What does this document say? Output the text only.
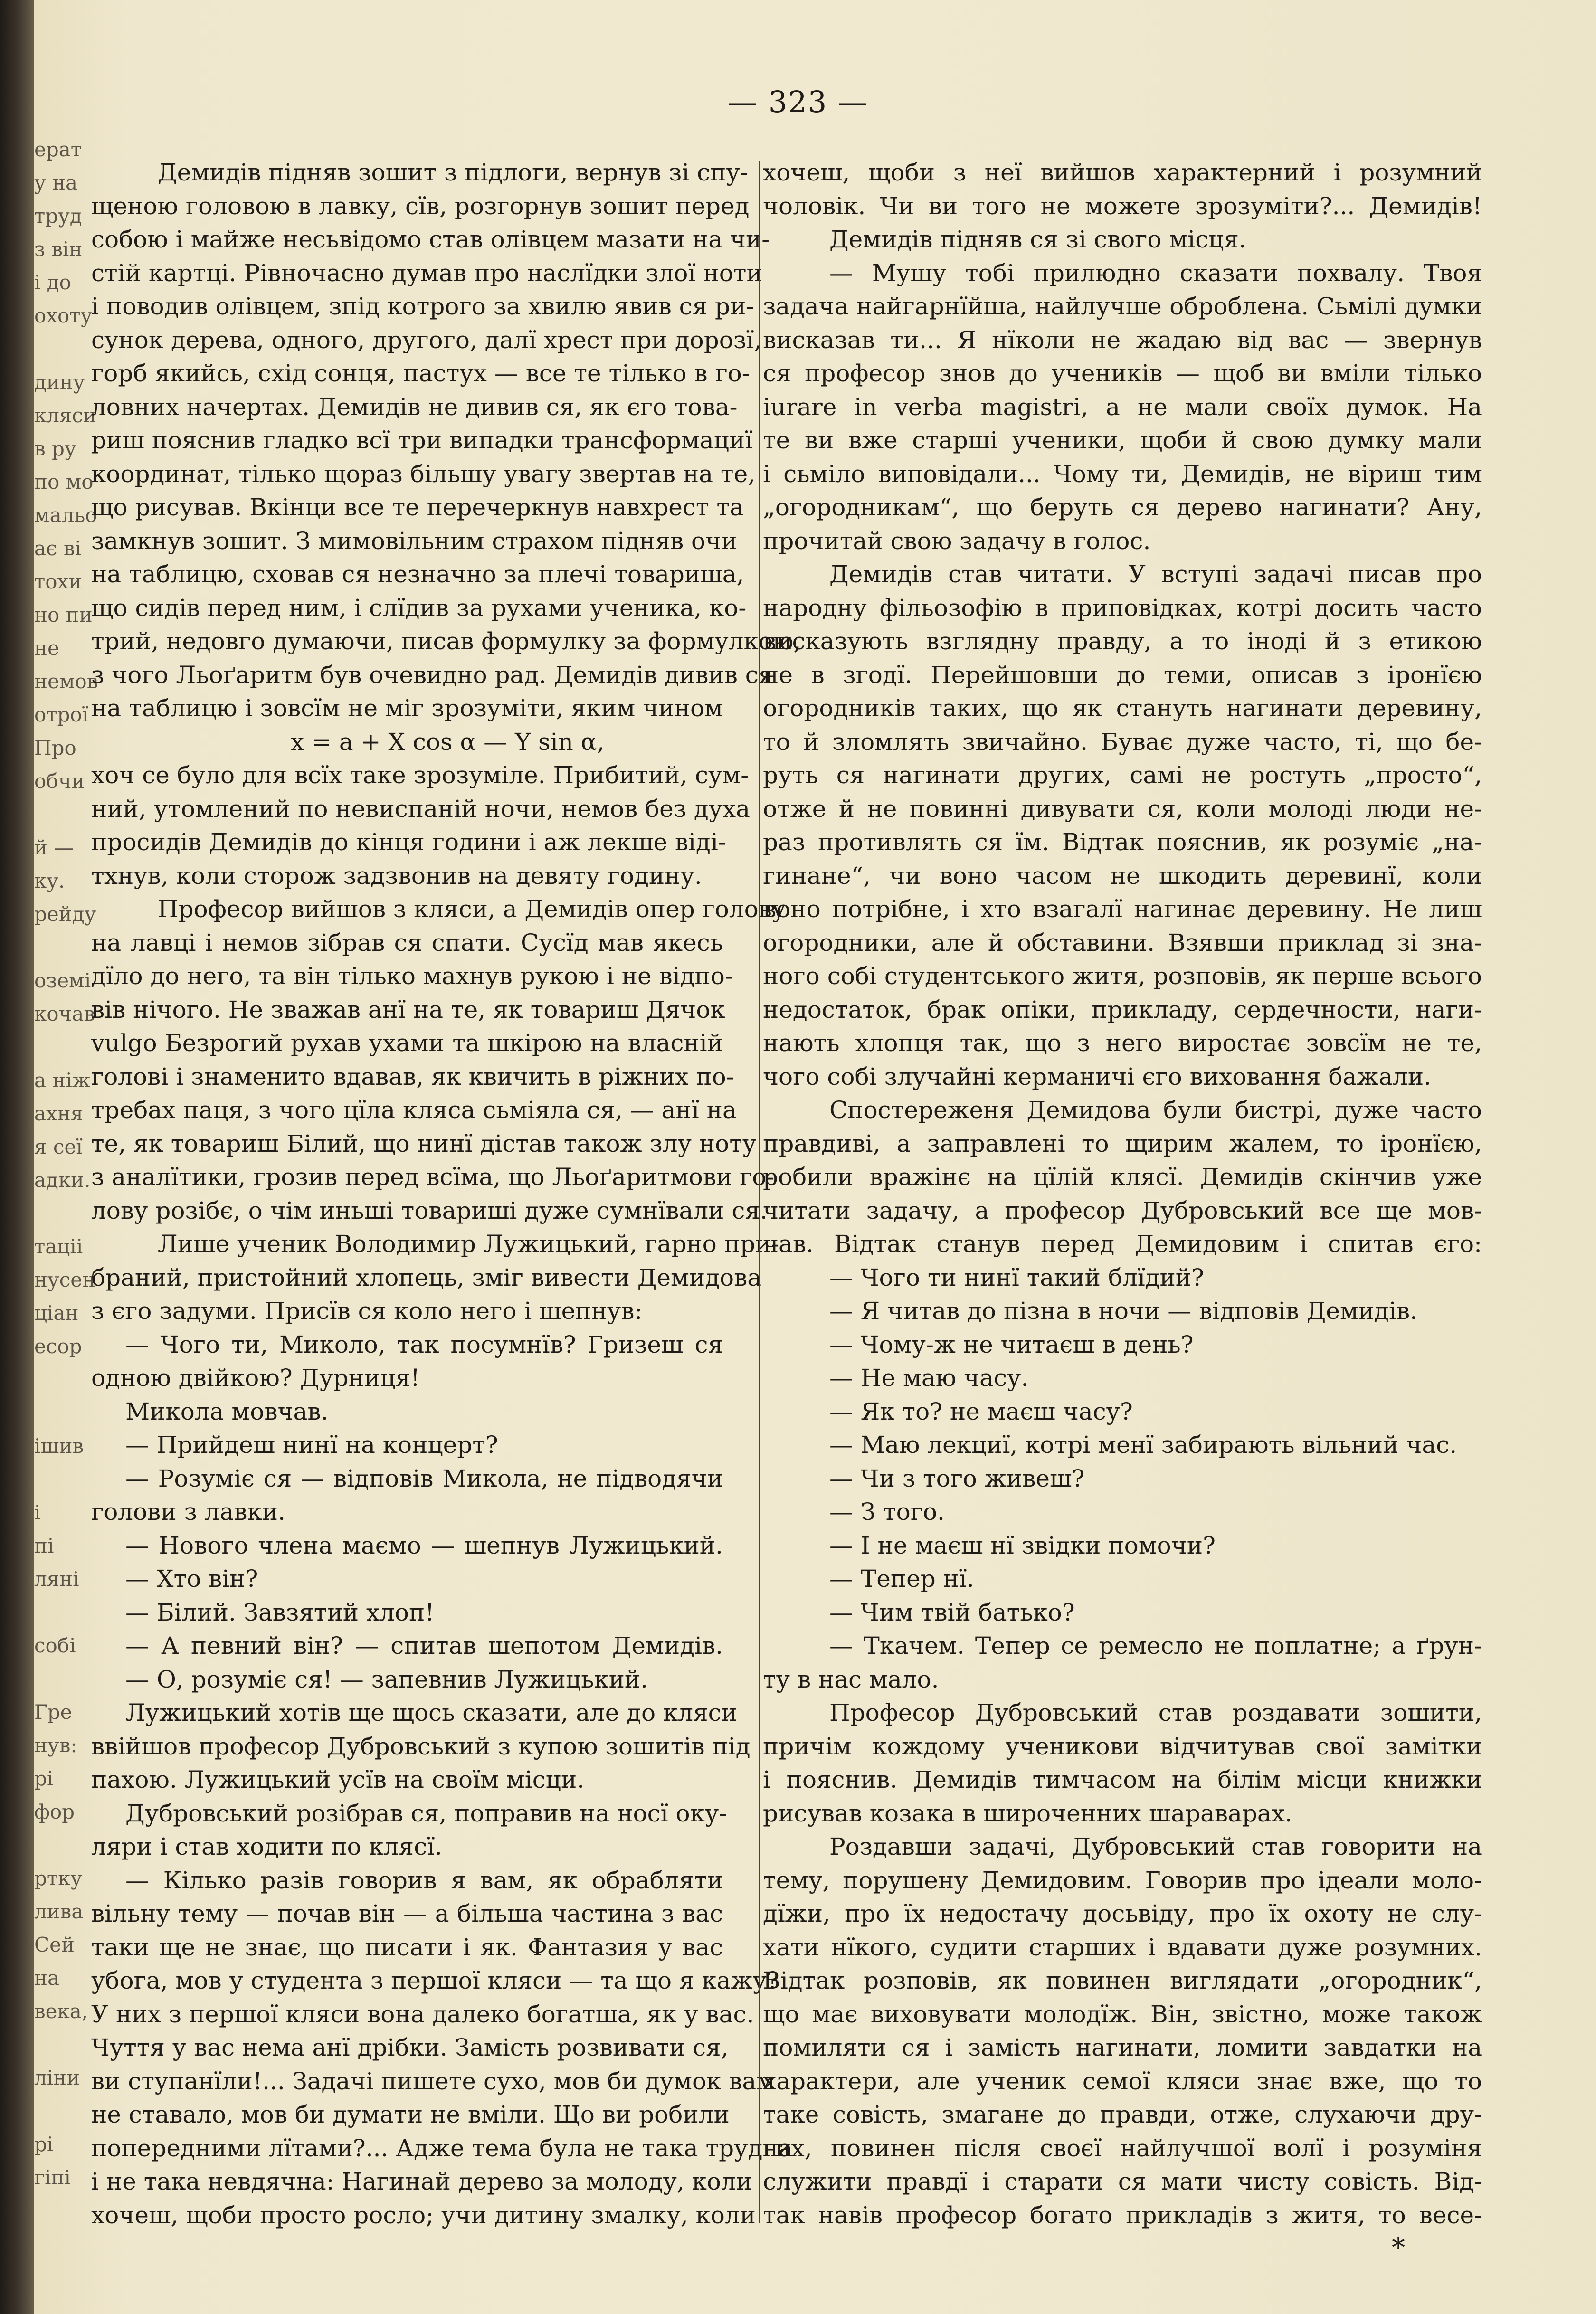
ерат
у на
труд
з він
і до
охоту
дину
кляси
в ру
по мо
мальо
ає ві
тохи
но пи
не
немов
отрої
Про
обчи
й —
ку.
рейду
оземі
кочав
а ніж
ахня
я сеї
адки.
таціі
нусен
ціан
есор
ішив
і
пі
ляні
собі
Гре
нув:
рі
фор
ртку
лива
Сей
на
века,
ліни
рі
гіпі
— 323 —
Демидів підняв зошит з підлоги, вернув зі спу-
щеною головою в лавку, сїв, розгорнув зошит перед
собою і майже несьвідомо став олівцем мазати на чи-
стій картці. Рівночасно думав про наслїдки злої ноти
і поводив олівцем, зпід котрого за хвилю явив ся ри-
сунок дерева, одного, другого, далї хрест при дорозї,
горб якийсь, схід сонця, пастух — все те тілько в го-
ловних начертах. Демидів не дивив ся, як єго това-
риш пояснив гладко всї три випадки трансформациї
координат, тілько щораз більшу увагу звертав на те,
що рисував. Вкінци все те перечеркнув навхрест та
замкнув зошит. З мимовільним страхом підняв очи
на таблицю, сховав ся незначно за плечі товариша,
що сидів перед ним, і слїдив за рухами ученика, ко-
трий, недовго думаючи, писав формулку за формулкою,
з чого Льоґаритм був очевидно рад. Демидів дивив ся
на таблицю і зовсїм не міг зрозуміти, яким чином
x = a + X cos α — Y sin α,
хоч се було для всїх таке зрозуміле. Прибитий, сум-
ний, утомлений по невиспаній ночи, немов без духа
просидів Демидів до кінця години і аж лекше віді-
тхнув, коли сторож задзвонив на девяту годину.
Професор вийшов з кляси, а Демидів опер голову
на лавці і немов зібрав ся спати. Сусїд мав якесь
дїло до него, та він тілько махнув рукою і не відпо-
вів нічого. Не зважав анї на те, як товариш Дячок
vulgo Безрогий рухав ухами та шкірою на власній
голові і знаменито вдавав, як квичить в ріжних по-
требах паця, з чого цїла кляса сьміяла ся, — анї на
те, як товариш Білий, що нинї дістав також злу ноту
з аналїтики, грозив перед всїма, що Льоґаритмови го-
лову розібє, о чім иньші товариші дуже сумнївали ся.
Лише ученик Володимир Лужицький, гарно при-
браний, пристойний хлопець, зміг вивести Демидова
з єго задуми. Присїв ся коло него і шепнув:
— Чого ти, Миколо, так посумнїв? Гризеш ся
одною двійкою? Дурниця!
Микола мовчав.
— Прийдеш нинї на концерт?
— Розуміє ся — відповів Микола, не підводячи
голови з лавки.
— Нового члена маємо — шепнув Лужицький.
— Хто він?
— Білий. Завзятий хлоп!
— А певний він? — спитав шепотом Демидів.
— О, розуміє ся! — запевнив Лужицький.
Лужицький хотів ще щось сказати, але до кляси
ввійшов професор Дубровський з купою зошитів під
пахою. Лужицький усїв на своїм місци.
Дубровський розібрав ся, поправив на носї оку-
ляри і став ходити по клясї.
— Кілько разів говорив я вам, як обрабляти
вільну тему — почав він — а більша частина з вас
таки ще не знає, що писати і як. Фантазия у вас
убога, мов у студента з першої кляси — та що я кажу?
У них з першої кляси вона далеко богатша, як у вас.
Чуття у вас нема анї дрібки. Замість розвивати ся,
ви ступанїли!... Задачі пишете сухо, мов би думок вам
не ставало, мов би думати не вміли. Що ви робили
попередними лїтами?... Адже тема була не така трудна
і не така невдячна: Нагинай дерево за молоду, коли
хочеш, щоби просто росло; учи дитину змалку, коли
хочеш, щоби з неї вийшов характерний і розумний
чоловік. Чи ви того не можете зрозуміти?... Демидів!
Демидів підняв ся зі свого місця.
— Мушу тобі прилюдно сказати похвалу. Твоя
задача найгарнїйша, найлучше оброблена. Сьмілі думки
висказав ти... Я нїколи не жадаю від вас — звернув
ся професор знов до учеників — щоб ви вміли тілько
iurare in verba magistri, а не мали своїх думок. На
те ви вже старші ученики, щоби й свою думку мали
і сьміло виповідали... Чому ти, Демидів, не віриш тим
„огородникам“, що беруть ся дерево нагинати? Ану,
прочитай свою задачу в голос.
Демидів став читати. У вступі задачі писав про
народну фільозофію в приповідках, котрі досить часто
висказують взглядну правду, а то іноді й з етикою
не в згодї. Перейшовши до теми, описав з іронїєю
огородників таких, що як стануть нагинати деревину,
то й зломлять звичайно. Буває дуже часто, ті, що бе-
руть ся нагинати других, самі не ростуть „просто“,
отже й не повинні дивувати ся, коли молоді люди не-
раз противлять ся їм. Відтак пояснив, як розуміє „на-
гинане“, чи воно часом не шкодить деревинї, коли
воно потрібне, і хто взагалї нагинає деревину. Не лиш
огородники, але й обставини. Взявши приклад зі зна-
ного собі студентського житя, розповів, як перше всього
недостаток, брак опіки, прикладу, сердечности, наги-
нають хлопця так, що з него виростає зовсїм не те,
чого собі злучайні керманичі єго виховання бажали.
Спостереженя Демидова були бистрі, дуже часто
правдиві, а заправлені то щирим жалем, то іронїєю,
робили вражінє на цїлій клясї. Демидів скінчив уже
читати задачу, а професор Дубровський все ще мов-
чав. Відтак станув перед Демидовим і спитав єго:
— Чого ти нинї такий блїдий?
— Я читав до пізна в ночи — відповів Демидів.
— Чому-ж не читаєш в день?
— Не маю часу.
— Як то? не маєш часу?
— Маю лекциї, котрі менї забирають вільний час.
— Чи з того живеш?
— З того.
— І не маєш нї звідки помочи?
— Тепер нї.
— Чим твій батько?
— Ткачем. Тепер се ремесло не поплатне; а ґрун-
ту в нас мало.
Професор Дубровський став роздавати зошити,
причім кождому ученикови відчитував свої замітки
і пояснив. Демидів тимчасом на білім місци книжки
рисував козака в широченних шараварах.
Роздавши задачі, Дубровський став говорити на
тему, порушену Демидовим. Говорив про ідеали моло-
дїжи, про їх недостачу досьвіду, про їх охоту не слу-
хати нїкого, судити старших і вдавати дуже розумних.
Відтак розповів, як повинен виглядати „огородник“,
що має виховувати молодїж. Він, звістно, може також
помиляти ся і замість нагинати, ломити завдатки на
характери, але ученик семої кляси знає вже, що то
таке совість, змагане до правди, отже, слухаючи дру-
гих, повинен після своєї найлучшої волї і розуміня
служити правдї і старати ся мати чисту совість. Від-
так навів професор богато прикладів з житя, то весе-
*
